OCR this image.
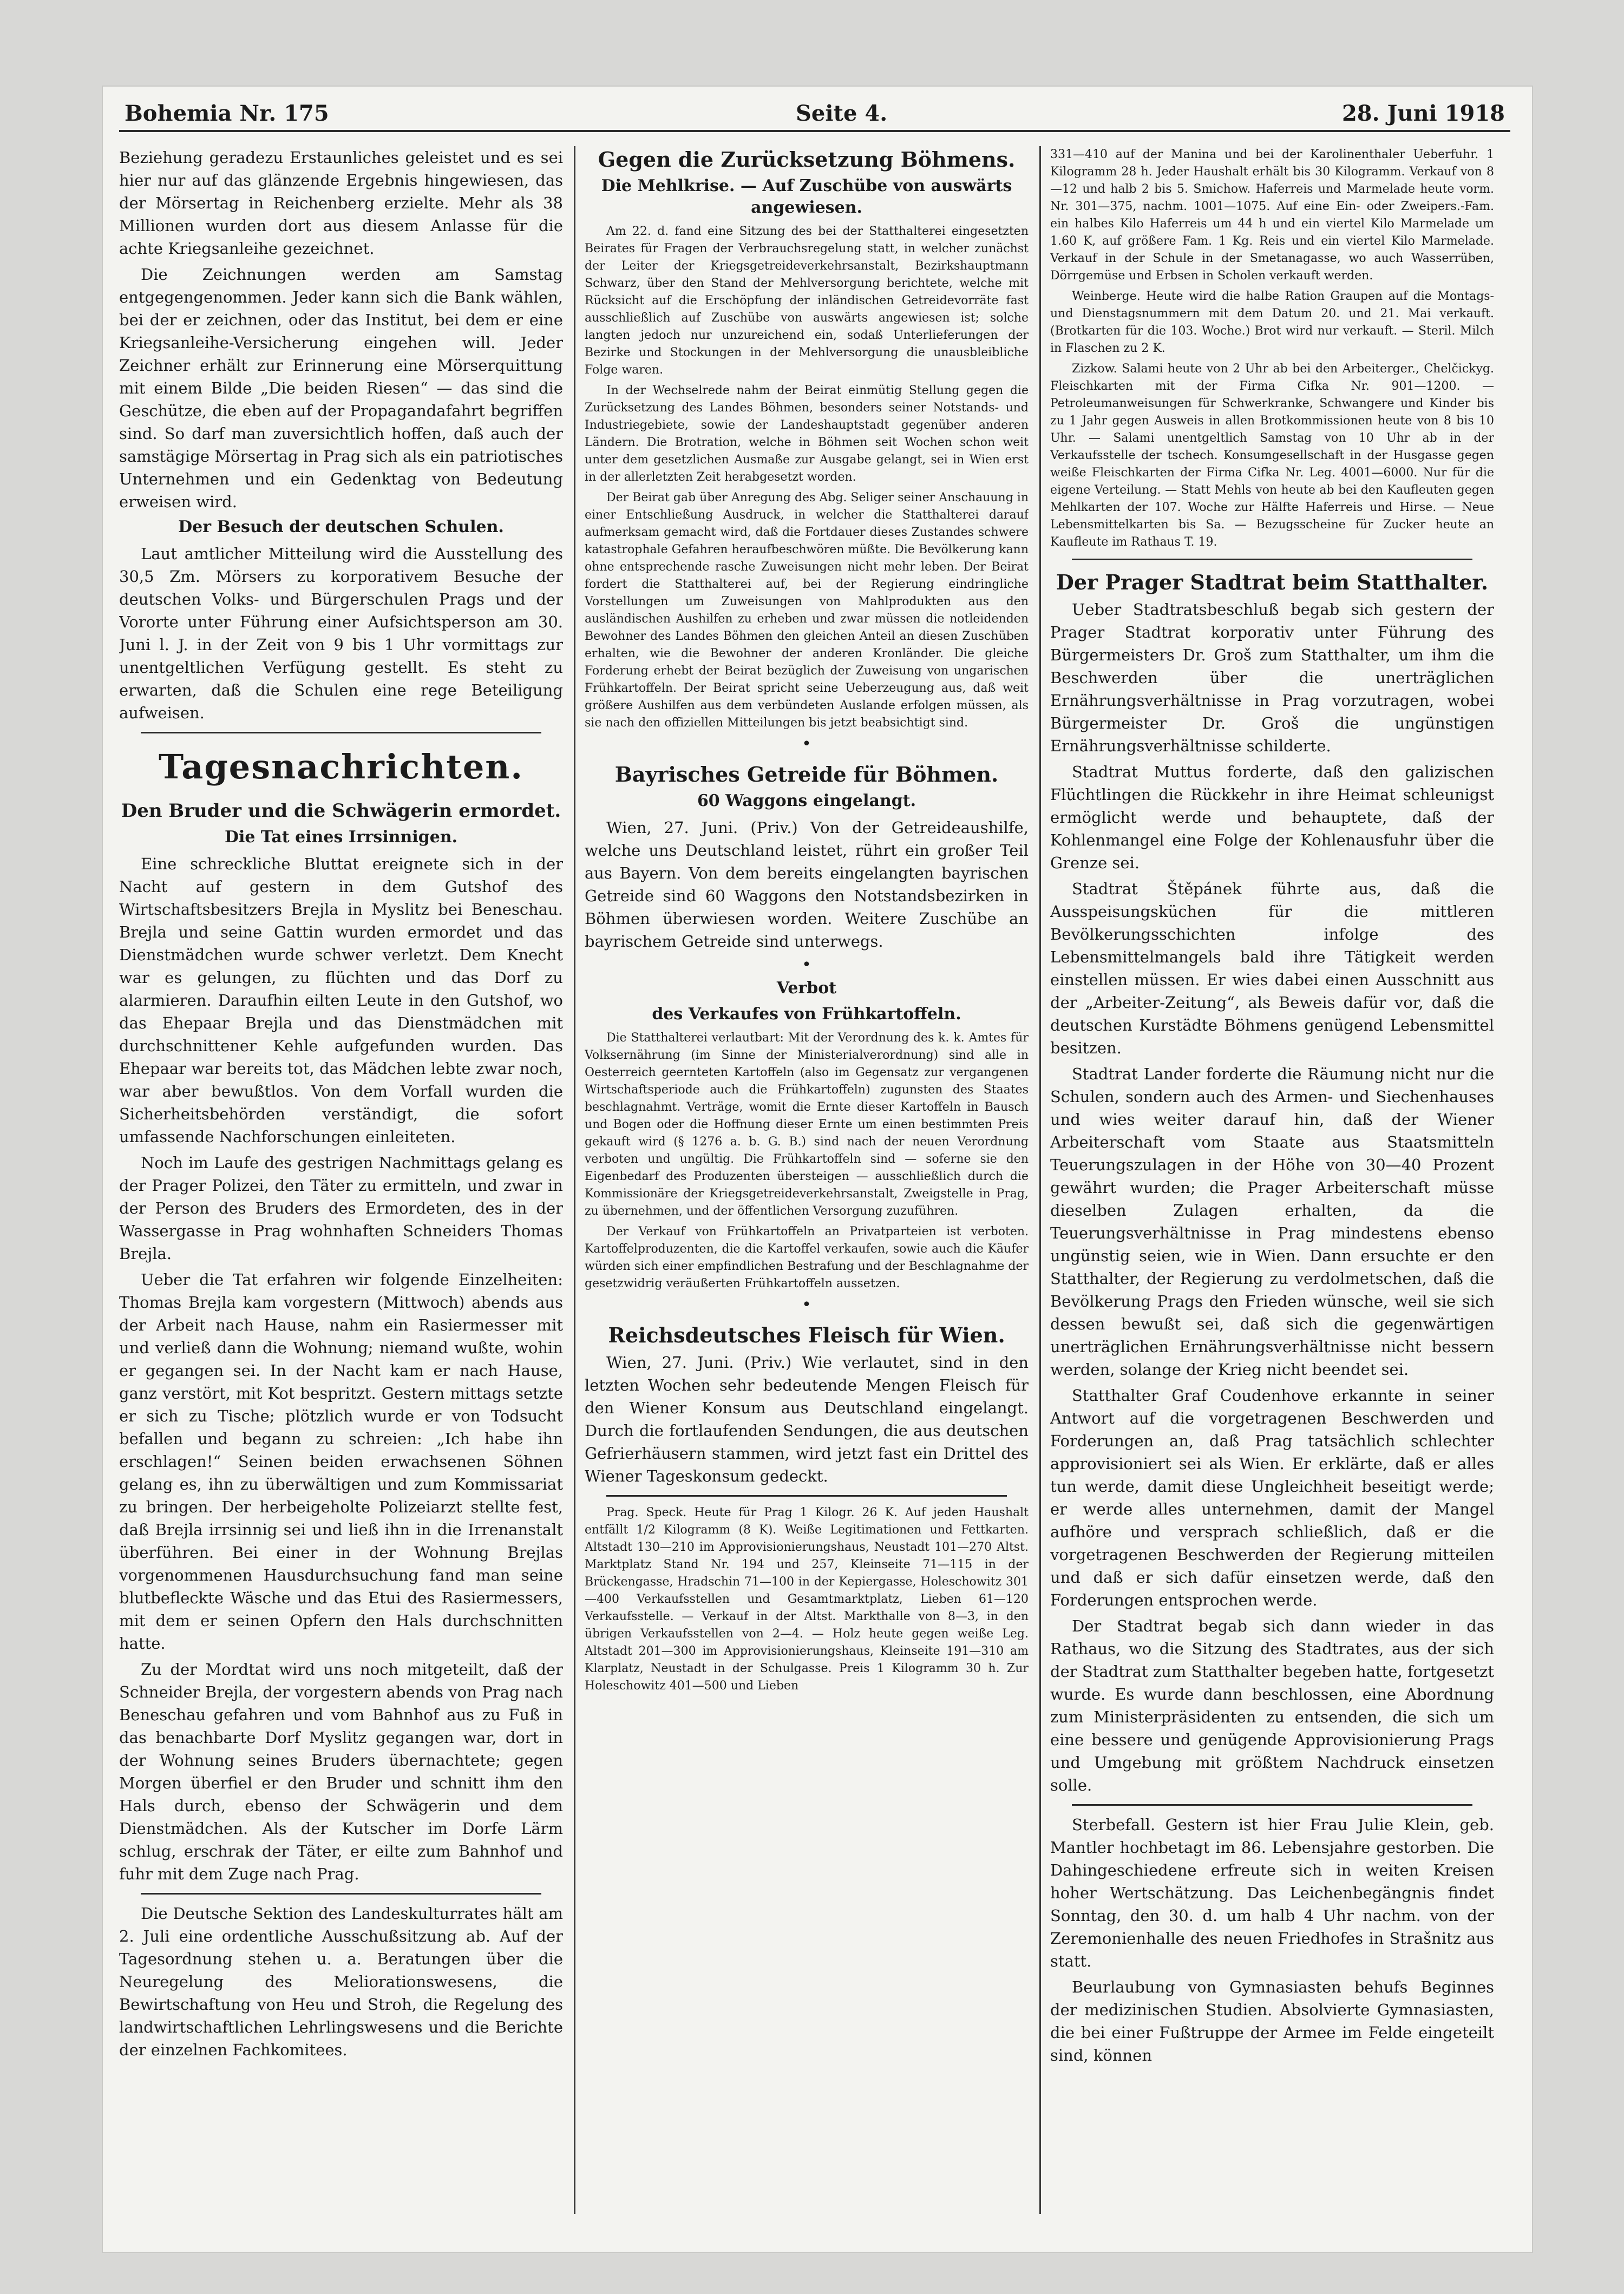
Bohemia Nr. 175	Seite 4.	28. Juni 1918

Beziehung geradezu Erstaunliches geleistet und es sei hier nur auf das glänzende Ergebnis hingewiesen, das der Mörsertag in Reichenberg erzielte. Mehr als 38 Millionen wurden dort aus diesem Anlasse für die achte Kriegsanleihe gezeichnet.

Die Zeichnungen werden am Samstag entgegengenommen. Jeder kann sich die Bank wählen, bei der er zeichnen, oder das Institut, bei dem er eine Kriegsanleihe-Versicherung eingehen will. Jeder Zeichner erhält zur Erinnerung eine Mörserquittung mit einem Bilde „Die beiden Riesen“ — das sind die Geschütze, die eben auf der Propagandafahrt begriffen sind. So darf man zuversichtlich hoffen, daß auch der samstägige Mörsertag in Prag sich als ein patriotisches Unternehmen und ein Gedenktag von Bedeutung erweisen wird.

Der Besuch der deutschen Schulen.

Laut amtlicher Mitteilung wird die Ausstellung des 30,5 Zm. Mörsers zu korporativem Besuche der deutschen Volks- und Bürgerschulen Prags und der Vororte unter Führung einer Aufsichtsperson am 30. Juni l. J. in der Zeit von 9 bis 1 Uhr vormittags zur unentgeltlichen Verfügung gestellt. Es steht zu erwarten, daß die Schulen eine rege Beteiligung aufweisen.

Tagesnachrichten.
Den Bruder und die Schwägerin ermordet.
Die Tat eines Irrsinnigen.

Eine schreckliche Bluttat ereignete sich in der Nacht auf gestern in dem Gutshof des Wirtschaftsbesitzers Brejla in Myslitz bei Beneschau. Brejla und seine Gattin wurden ermordet und das Dienstmädchen wurde schwer verletzt. Dem Knecht war es gelungen, zu flüchten und das Dorf zu alarmieren. Daraufhin eilten Leute in den Gutshof, wo das Ehepaar Brejla und das Dienstmädchen mit durchschnittener Kehle aufgefunden wurden. Das Ehepaar war bereits tot, das Mädchen lebte zwar noch, war aber bewußtlos. Von dem Vorfall wurden die Sicherheitsbehörden verständigt, die sofort umfassende Nachforschungen einleiteten.

Noch im Laufe des gestrigen Nachmittags gelang es der Prager Polizei, den Täter zu ermitteln, und zwar in der Person des Bruders des Ermordeten, des in der Wassergasse in Prag wohnhaften Schneiders Thomas Brejla.

Ueber die Tat erfahren wir folgende Einzelheiten: Thomas Brejla kam vorgestern (Mittwoch) abends aus der Arbeit nach Hause, nahm ein Rasiermesser mit und verließ dann die Wohnung; niemand wußte, wohin er gegangen sei. In der Nacht kam er nach Hause, ganz verstört, mit Kot bespritzt. Gestern mittags setzte er sich zu Tische; plötzlich wurde er von Todsucht befallen und begann zu schreien: „Ich habe ihn erschlagen!“ Seinen beiden erwachsenen Söhnen gelang es, ihn zu überwältigen und zum Kommissariat zu bringen. Der herbeigeholte Polizeiarzt stellte fest, daß Brejla irrsinnig sei und ließ ihn in die Irrenanstalt überführen. Bei einer in der Wohnung Brejlas vorgenommenen Hausdurchsuchung fand man seine blutbefleckte Wäsche und das Etui des Rasiermessers, mit dem er seinen Opfern den Hals durchschnitten hatte.

Zu der Mordtat wird uns noch mitgeteilt, daß der Schneider Brejla, der vorgestern abends von Prag nach Beneschau gefahren und vom Bahnhof aus zu Fuß in das benachbarte Dorf Myslitz gegangen war, dort in der Wohnung seines Bruders übernachtete; gegen Morgen überfiel er den Bruder und schnitt ihm den Hals durch, ebenso der Schwägerin und dem Dienstmädchen. Als der Kutscher im Dorfe Lärm schlug, erschrak der Täter, er eilte zum Bahnhof und fuhr mit dem Zuge nach Prag.

Die Deutsche Sektion des Landeskulturrates hält am 2. Juli eine ordentliche Ausschußsitzung ab. Auf der Tagesordnung stehen u. a. Beratungen über die Neuregelung des Meliorationswesens, die Bewirtschaftung von Heu und Stroh, die Regelung des landwirtschaftlichen Lehrlingswesens und die Berichte der einzelnen Fachkomitees.

Gegen die Zurücksetzung Böhmens.
Die Mehlkrise. — Auf Zuschübe von auswärts angewiesen.

Am 22. d. fand eine Sitzung des bei der Statthalterei eingesetzten Beirates für Fragen der Verbrauchsregelung statt, in welcher zunächst der Leiter der Kriegsgetreideverkehrsanstalt, Bezirkshauptmann Schwarz, über den Stand der Mehlversorgung berichtete, welche mit Rücksicht auf die Erschöpfung der inländischen Getreidevorräte fast ausschließlich auf Zuschübe von auswärts angewiesen ist; solche langten jedoch nur unzureichend ein, sodaß Unterlieferungen der Bezirke und Stockungen in der Mehlversorgung die unausbleibliche Folge waren.

In der Wechselrede nahm der Beirat einmütig Stellung gegen die Zurücksetzung des Landes Böhmen, besonders seiner Notstands- und Industriegebiete, sowie der Landeshauptstadt gegenüber anderen Ländern. Die Brotration, welche in Böhmen seit Wochen schon weit unter dem gesetzlichen Ausmaße zur Ausgabe gelangt, sei in Wien erst in der allerletzten Zeit herabgesetzt worden.

Der Beirat gab über Anregung des Abg. Seliger seiner Anschauung in einer Entschließung Ausdruck, in welcher die Statthalterei darauf aufmerksam gemacht wird, daß die Fortdauer dieses Zustandes schwere katastrophale Gefahren heraufbeschwören müßte. Die Bevölkerung kann ohne entsprechende rasche Zuweisungen nicht mehr leben. Der Beirat fordert die Statthalterei auf, bei der Regierung eindringliche Vorstellungen um Zuweisungen von Mahlprodukten aus den ausländischen Aushilfen zu erheben und zwar müssen die notleidenden Bewohner des Landes Böhmen den gleichen Anteil an diesen Zuschüben erhalten, wie die Bewohner der anderen Kronländer. Die gleiche Forderung erhebt der Beirat bezüglich der Zuweisung von ungarischen Frühkartoffeln. Der Beirat spricht seine Ueberzeugung aus, daß weit größere Aushilfen aus dem verbündeten Auslande erfolgen müssen, als sie nach den offiziellen Mitteilungen bis jetzt beabsichtigt sind.

•
Bayrisches Getreide für Böhmen.
60 Waggons eingelangt.

Wien, 27. Juni. (Priv.) Von der Getreideaushilfe, welche uns Deutschland leistet, rührt ein großer Teil aus Bayern. Von dem bereits eingelangten bayrischen Getreide sind 60 Waggons den Notstandsbezirken in Böhmen überwiesen worden. Weitere Zuschübe an bayrischem Getreide sind unterwegs.

•
Verbot
des Verkaufes von Frühkartoffeln.

Die Statthalterei verlautbart: Mit der Verordnung des k. k. Amtes für Volksernährung (im Sinne der Ministerialverordnung) sind alle in Oesterreich geernteten Kartoffeln (also im Gegensatz zur vergangenen Wirtschaftsperiode auch die Frühkartoffeln) zugunsten des Staates beschlagnahmt. Verträge, womit die Ernte dieser Kartoffeln in Bausch und Bogen oder die Hoffnung dieser Ernte um einen bestimmten Preis gekauft wird (§ 1276 a. b. G. B.) sind nach der neuen Verordnung verboten und ungültig. Die Frühkartoffeln sind — soferne sie den Eigenbedarf des Produzenten übersteigen — ausschließlich durch die Kommissionäre der Kriegsgetreideverkehrsanstalt, Zweigstelle in Prag, zu übernehmen, und der öffentlichen Versorgung zuzuführen.

Der Verkauf von Frühkartoffeln an Privatparteien ist verboten. Kartoffelproduzenten, die die Kartoffel verkaufen, sowie auch die Käufer würden sich einer empfindlichen Bestrafung und der Beschlagnahme der gesetzwidrig veräußerten Frühkartoffeln aussetzen.

•
Reichsdeutsches Fleisch für Wien.

Wien, 27. Juni. (Priv.) Wie verlautet, sind in den letzten Wochen sehr bedeutende Mengen Fleisch für den Wiener Konsum aus Deutschland eingelangt. Durch die fortlaufenden Sendungen, die aus deutschen Gefrierhäusern stammen, wird jetzt fast ein Drittel des Wiener Tageskonsum gedeckt.

Prag. Speck. Heute für Prag 1 Kilogr. 26 K. Auf jeden Haushalt entfällt 1/2 Kilogramm (8 K). Weiße Legitimationen und Fettkarten. Altstadt 130—210 im Approvisionierungshaus, Neustadt 101—270 Altst. Marktplatz Stand Nr. 194 und 257, Kleinseite 71—115 in der Brückengasse, Hradschin 71—100 in der Kepiergasse, Holeschowitz 301—400 Verkaufsstellen und Gesamtmarktplatz, Lieben 61—120 Verkaufsstelle. — Verkauf in der Altst. Markthalle von 8—3, in den übrigen Verkaufsstellen von 2—4. — Holz heute gegen weiße Leg. Altstadt 201—300 im Approvisionierungshaus, Kleinseite 191—310 am Klarplatz, Neustadt in der Schulgasse. Preis 1 Kilogramm 30 h. Zur Holeschowitz 401—500 und Lieben

331—410 auf der Manina und bei der Karolinenthaler Ueberfuhr. 1 Kilogramm 28 h. Jeder Haushalt erhält bis 30 Kilogramm. Verkauf von 8—12 und halb 2 bis 5. Smichow. Haferreis und Marmelade heute vorm. Nr. 301—375, nachm. 1001—1075. Auf eine Ein- oder Zweipers.-Fam. ein halbes Kilo Haferreis um 44 h und ein viertel Kilo Marmelade um 1.60 K, auf größere Fam. 1 Kg. Reis und ein viertel Kilo Marmelade. Verkauf in der Schule in der Smetanagasse, wo auch Wasserrüben, Dörrgemüse und Erbsen in Scholen verkauft werden.

Weinberge. Heute wird die halbe Ration Graupen auf die Montags- und Dienstagsnummern mit dem Datum 20. und 21. Mai verkauft. (Brotkarten für die 103. Woche.) Brot wird nur verkauft. — Steril. Milch in Flaschen zu 2 K.

Zizkow. Salami heute von 2 Uhr ab bei den Arbeiterger., Chelčickyg. Fleischkarten mit der Firma Cifka Nr. 901—1200. — Petroleumanweisungen für Schwerkranke, Schwangere und Kinder bis zu 1 Jahr gegen Ausweis in allen Brotkommissionen heute von 8 bis 10 Uhr. — Salami unentgeltlich Samstag von 10 Uhr ab in der Verkaufsstelle der tschech. Konsumgesellschaft in der Husgasse gegen weiße Fleischkarten der Firma Cifka Nr. Leg. 4001—6000. Nur für die eigene Verteilung. — Statt Mehls von heute ab bei den Kaufleuten gegen Mehlkarten der 107. Woche zur Hälfte Haferreis und Hirse. — Neue Lebensmittelkarten bis Sa. — Bezugsscheine für Zucker heute an Kaufleute im Rathaus T. 19.

Der Prager Stadtrat beim Statthalter.

Ueber Stadtratsbeschluß begab sich gestern der Prager Stadtrat korporativ unter Führung des Bürgermeisters Dr. Groš zum Statthalter, um ihm die Beschwerden über die unerträglichen Ernährungsverhältnisse in Prag vorzutragen, wobei Bürgermeister Dr. Groš die ungünstigen Ernährungsverhältnisse schilderte.

Stadtrat Muttus forderte, daß den galizischen Flüchtlingen die Rückkehr in ihre Heimat schleunigst ermöglicht werde und behauptete, daß der Kohlenmangel eine Folge der Kohlenausfuhr über die Grenze sei.

Stadtrat Štěpánek führte aus, daß die Ausspeisungsküchen für die mittleren Bevölkerungsschichten infolge des Lebensmittelmangels bald ihre Tätigkeit werden einstellen müssen. Er wies dabei einen Ausschnitt aus der „Arbeiter-Zeitung“, als Beweis dafür vor, daß die deutschen Kurstädte Böhmens genügend Lebensmittel besitzen.

Stadtrat Lander forderte die Räumung nicht nur die Schulen, sondern auch des Armen- und Siechenhauses und wies weiter darauf hin, daß der Wiener Arbeiterschaft vom Staate aus Staatsmitteln Teuerungszulagen in der Höhe von 30—40 Prozent gewährt wurden; die Prager Arbeiterschaft müsse dieselben Zulagen erhalten, da die Teuerungsverhältnisse in Prag mindestens ebenso ungünstig seien, wie in Wien. Dann ersuchte er den Statthalter, der Regierung zu verdolmetschen, daß die Bevölkerung Prags den Frieden wünsche, weil sie sich dessen bewußt sei, daß sich die gegenwärtigen unerträglichen Ernährungsverhältnisse nicht bessern werden, solange der Krieg nicht beendet sei.

Statthalter Graf Coudenhove erkannte in seiner Antwort auf die vorgetragenen Beschwerden und Forderungen an, daß Prag tatsächlich schlechter approvisioniert sei als Wien. Er erklärte, daß er alles tun werde, damit diese Ungleichheit beseitigt werde; er werde alles unternehmen, damit der Mangel aufhöre und versprach schließlich, daß er die vorgetragenen Beschwerden der Regierung mitteilen und daß er sich dafür einsetzen werde, daß den Forderungen entsprochen werde.

Der Stadtrat begab sich dann wieder in das Rathaus, wo die Sitzung des Stadtrates, aus der sich der Stadtrat zum Statthalter begeben hatte, fortgesetzt wurde. Es wurde dann beschlossen, eine Abordnung zum Ministerpräsidenten zu entsenden, die sich um eine bessere und genügende Approvisionierung Prags und Umgebung mit größtem Nachdruck einsetzen solle.

Sterbefall. Gestern ist hier Frau Julie Klein, geb. Mantler hochbetagt im 86. Lebensjahre gestorben. Die Dahingeschiedene erfreute sich in weiten Kreisen hoher Wertschätzung. Das Leichenbegängnis findet Sonntag, den 30. d. um halb 4 Uhr nachm. von der Zeremonienhalle des neuen Friedhofes in Strašnitz aus statt.

Beurlaubung von Gymnasiasten behufs Beginnes der medizinischen Studien. Absolvierte Gymnasiasten, die bei einer Fußtruppe der Armee im Felde eingeteilt sind, können
